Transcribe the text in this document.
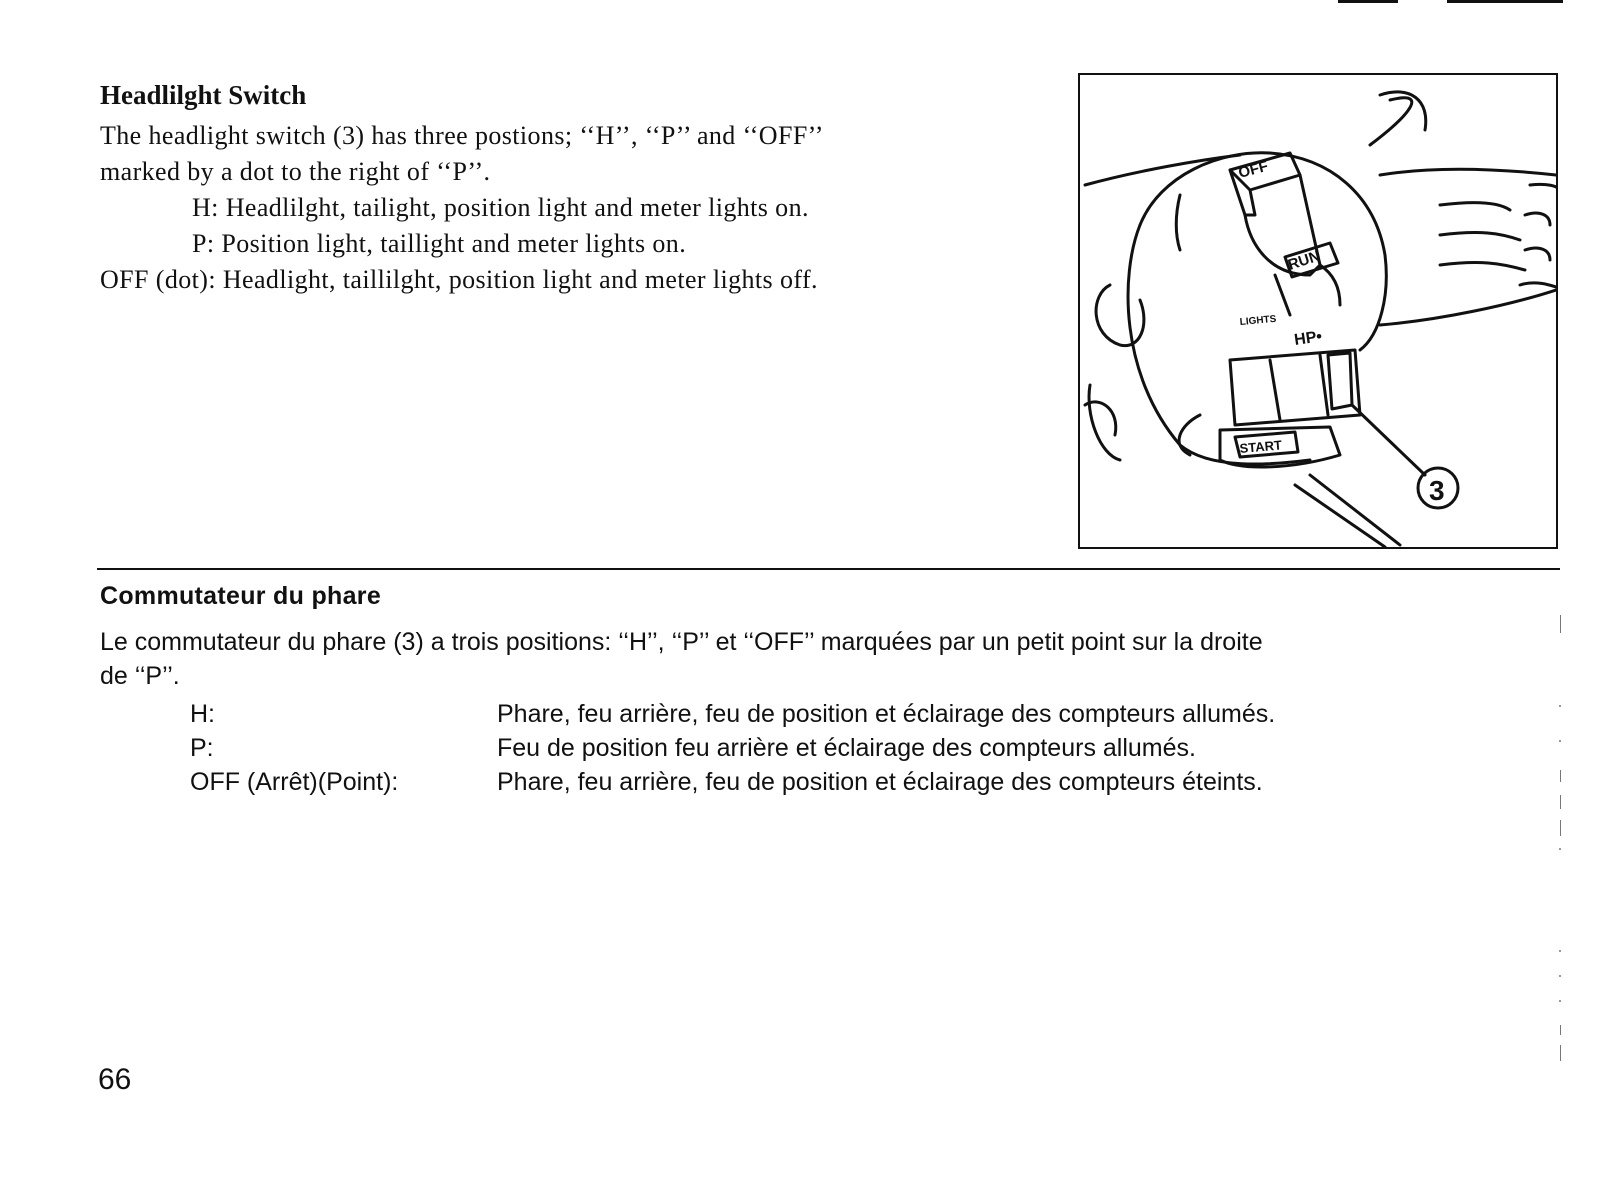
Headlilght Switch

The headlight switch (3) has three postions; ‘‘H’’, ‘‘P’’ and ‘‘OFF’’

marked by a dot to the right of ‘‘P’’.

H: Headlilght, tailight, position light and meter lights on.

P: Position light, taillight and meter lights on.

OFF (dot): Headlight, taillilght, position light and meter lights off.

OFF
RUN
LIGHTS
HP•
START
3
Commutateur du phare

Le commutateur du phare (3) a trois positions: ‘‘H’’, ‘‘P’’ et ‘‘OFF’’ marquées par un petit point sur la droite

de ‘‘P’’.

H:	Phare, feu arrière, feu de position et éclairage des compteurs allumés.
P:	Feu de position feu arrière et éclairage des compteurs allumés.
OFF (Arrêt)(Point):	Phare, feu arrière, feu de position et éclairage des compteurs éteints.
66
